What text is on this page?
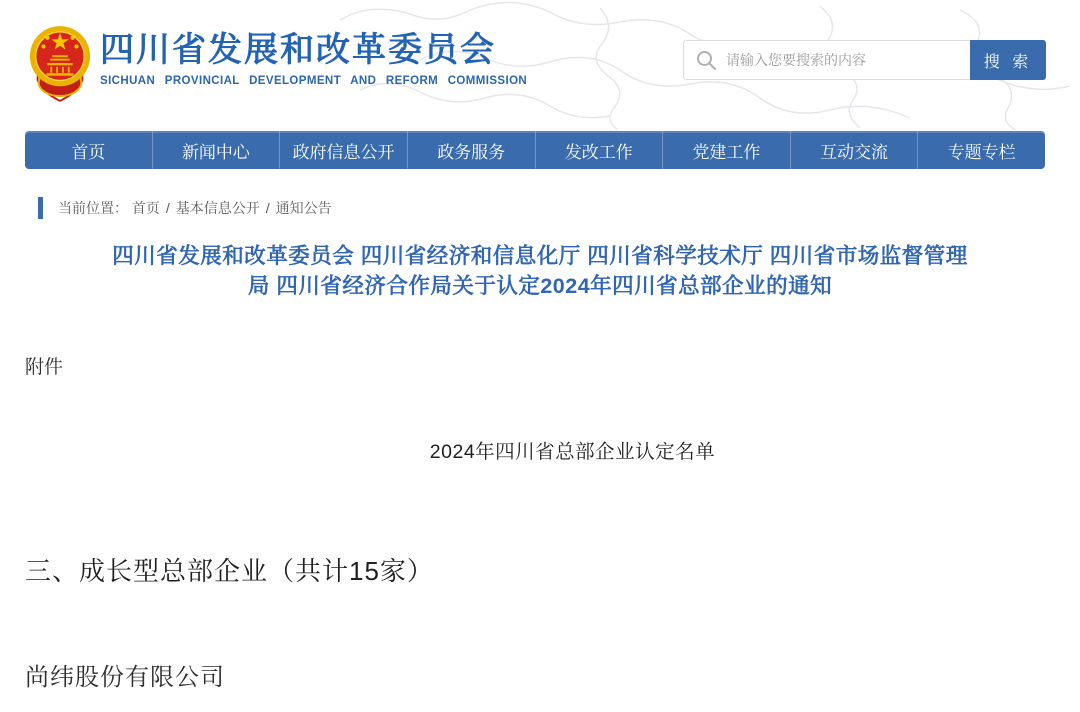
四川省发展和改革委员会
SICHUAN PROVINCIAL DEVELOPMENT AND REFORM COMMISSION
请输入您要搜索的内容
搜 索
首页	新闻中心	政府信息公开	政务服务	发改工作	党建工作	互动交流	专题专栏
当前位置：
首页 / 基本信息公开 / 通知公告
四川省发展和改革委员会 四川省经济和信息化厅 四川省科学技术厅 四川省市场监督管理局 四川省经济合作局关于认定2024年四川省总部企业的通知
附件
2024年四川省总部企业认定名单
三、成长型总部企业（共计15家）
尚纬股份有限公司
